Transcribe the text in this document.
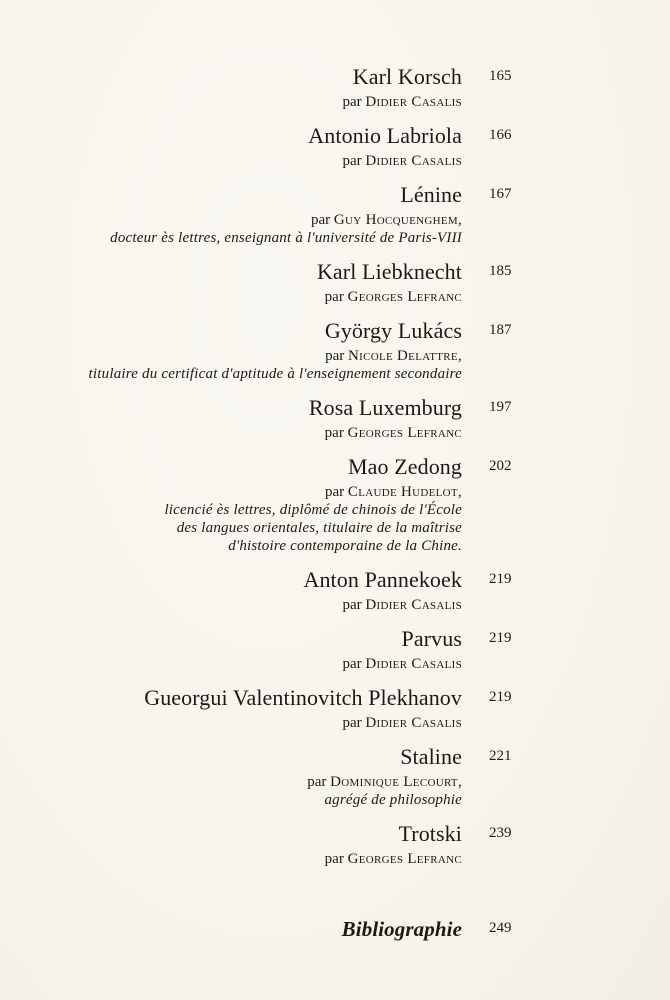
Karl Korsch 165
par Didier Casalis
Antonio Labriola 166
par Didier Casalis
Lénine 167
par Guy Hocquenghem,
docteur ès lettres, enseignant à l'université de Paris-VIII
Karl Liebknecht 185
par Georges Lefranc
György Lukács 187
par Nicole Delattre,
titulaire du certificat d'aptitude à l'enseignement secondaire
Rosa Luxemburg 197
par Georges Lefranc
Mao Zedong 202
par Claude Hudelot,
licencié ès lettres, diplômé de chinois de l'École
des langues orientales, titulaire de la maîtrise
d'histoire contemporaine de la Chine.
Anton Pannekoek 219
par Didier Casalis
Parvus 219
par Didier Casalis
Gueorgui Valentinovitch Plekhanov 219
par Didier Casalis
Staline 221
par Dominique Lecourt,
agrégé de philosophie
Trotski 239
par Georges Lefranc
Bibliographie 249
